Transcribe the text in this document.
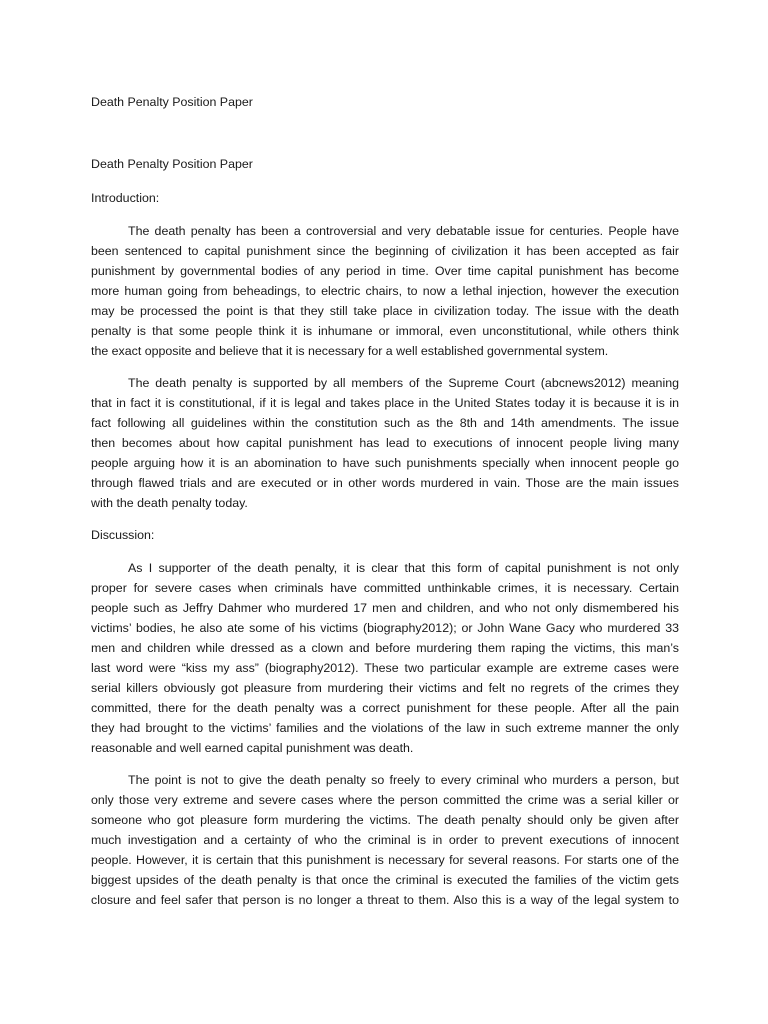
Death Penalty Position Paper
Death Penalty Position Paper
Introduction:
The death penalty has been a controversial and very debatable issue for centuries. People have
been sentenced to capital punishment since the beginning of civilization it has been accepted as fair
punishment by governmental bodies of any period in time. Over time capital punishment has become
more human going from beheadings, to electric chairs, to now a lethal injection, however the execution
may be processed the point is that they still take place in civilization today. The issue with the death
penalty is that some people think it is inhumane or immoral, even unconstitutional, while others think
the exact opposite and believe that it is necessary for a well established governmental system.
The death penalty is supported by all members of the Supreme Court (abcnews2012) meaning
that in fact it is constitutional, if it is legal and takes place in the United States today it is because it is in
fact following all guidelines within the constitution such as the 8th and 14th amendments. The issue
then becomes about how capital punishment has lead to executions of innocent people living many
people arguing how it is an abomination to have such punishments specially when innocent people go
through flawed trials and are executed or in other words murdered in vain. Those are the main issues
with the death penalty today.
Discussion:
As I supporter of the death penalty, it is clear that this form of capital punishment is not only
proper for severe cases when criminals have committed unthinkable crimes, it is necessary. Certain
people such as Jeffry Dahmer who murdered 17 men and children, and who not only dismembered his
victims’ bodies, he also ate some of his victims (biography2012); or John Wane Gacy who murdered 33
men and children while dressed as a clown and before murdering them raping the victims, this man’s
last word were “kiss my ass” (biography2012). These two particular example are extreme cases were
serial killers obviously got pleasure from murdering their victims and felt no regrets of the crimes they
committed, there for the death penalty was a correct punishment for these people. After all the pain
they had brought to the victims’ families and the violations of the law in such extreme manner the only
reasonable and well earned capital punishment was death.
The point is not to give the death penalty so freely to every criminal who murders a person, but
only those very extreme and severe cases where the person committed the crime was a serial killer or
someone who got pleasure form murdering the victims. The death penalty should only be given after
much investigation and a certainty of who the criminal is in order to prevent executions of innocent
people. However, it is certain that this punishment is necessary for several reasons. For starts one of the
biggest upsides of the death penalty is that once the criminal is executed the families of the victim gets
closure and feel safer that person is no longer a threat to them. Also this is a way of the legal system to
